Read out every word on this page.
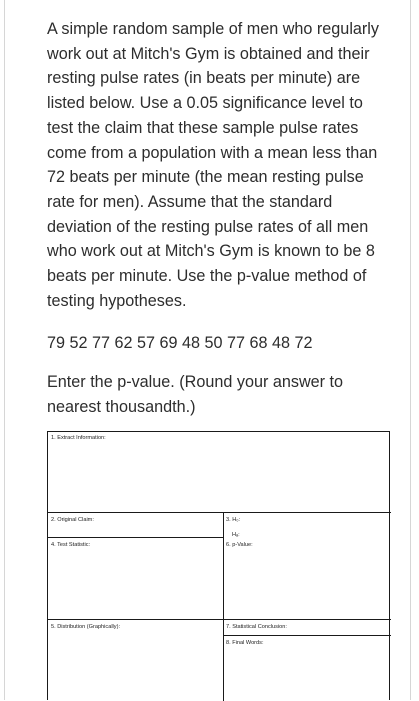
A simple random sample of men who regularly
work out at Mitch's Gym is obtained and their
resting pulse rates (in beats per minute) are
listed below. Use a 0.05 significance level to
test the claim that these sample pulse rates
come from a population with a mean less than
72 beats per minute (the mean resting pulse
rate for men). Assume that the standard
deviation of the resting pulse rates of all men
who work out at Mitch's Gym is known to be 8
beats per minute. Use the p-value method of
testing hypotheses.
79 52 77 62 57 69 48 50 77 68 48 72
Enter the p-value. (Round your answer to
nearest thousandth.)
1. Extract Information:
2. Original Claim:	3. H₀:
Hₐ:
4. Test Statistic:	6. p-Value:
5. Distribution (Graphically):	7. Statistical Conclusion:
8. Final Words:
